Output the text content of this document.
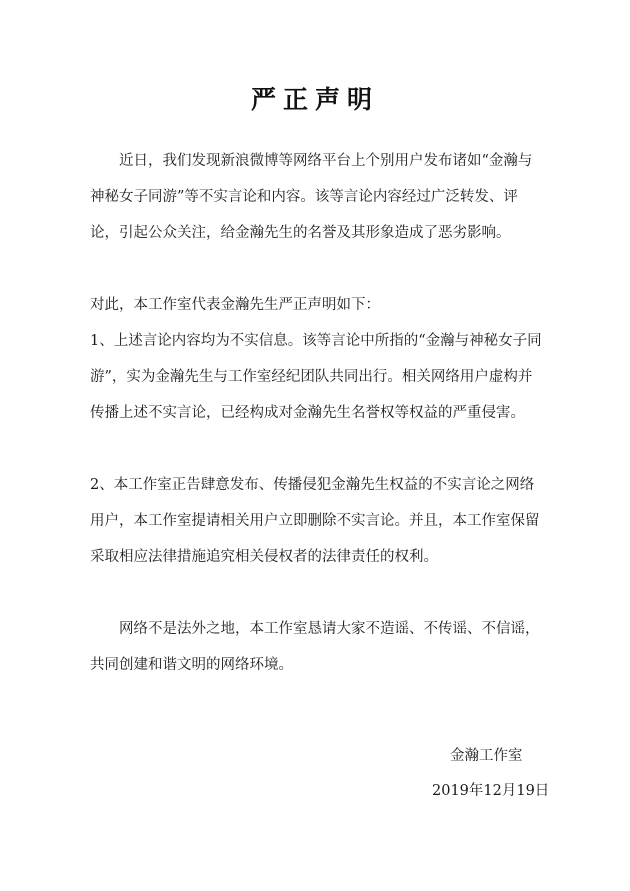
严正声明
近日，我们发现新浪微博等网络平台上个别用户发布诸如“金瀚与神秘女子同游”等不实言论和内容。该等言论内容经过广泛转发、评论，引起公众关注，给金瀚先生的名誉及其形象造成了恶劣影响。
对此，本工作室代表金瀚先生严正声明如下：
1、上述言论内容均为不实信息。该等言论中所指的“金瀚与神秘女子同游”，实为金瀚先生与工作室经纪团队共同出行。相关网络用户虚构并传播上述不实言论，已经构成对金瀚先生名誉权等权益的严重侵害。
2、本工作室正告肆意发布、传播侵犯金瀚先生权益的不实言论之网络用户，本工作室提请相关用户立即删除不实言论。并且，本工作室保留采取相应法律措施追究相关侵权者的法律责任的权利。
网络不是法外之地，本工作室恳请大家不造谣、不传谣、不信谣，共同创建和谐文明的网络环境。
金瀚工作室
2019年12月19日
